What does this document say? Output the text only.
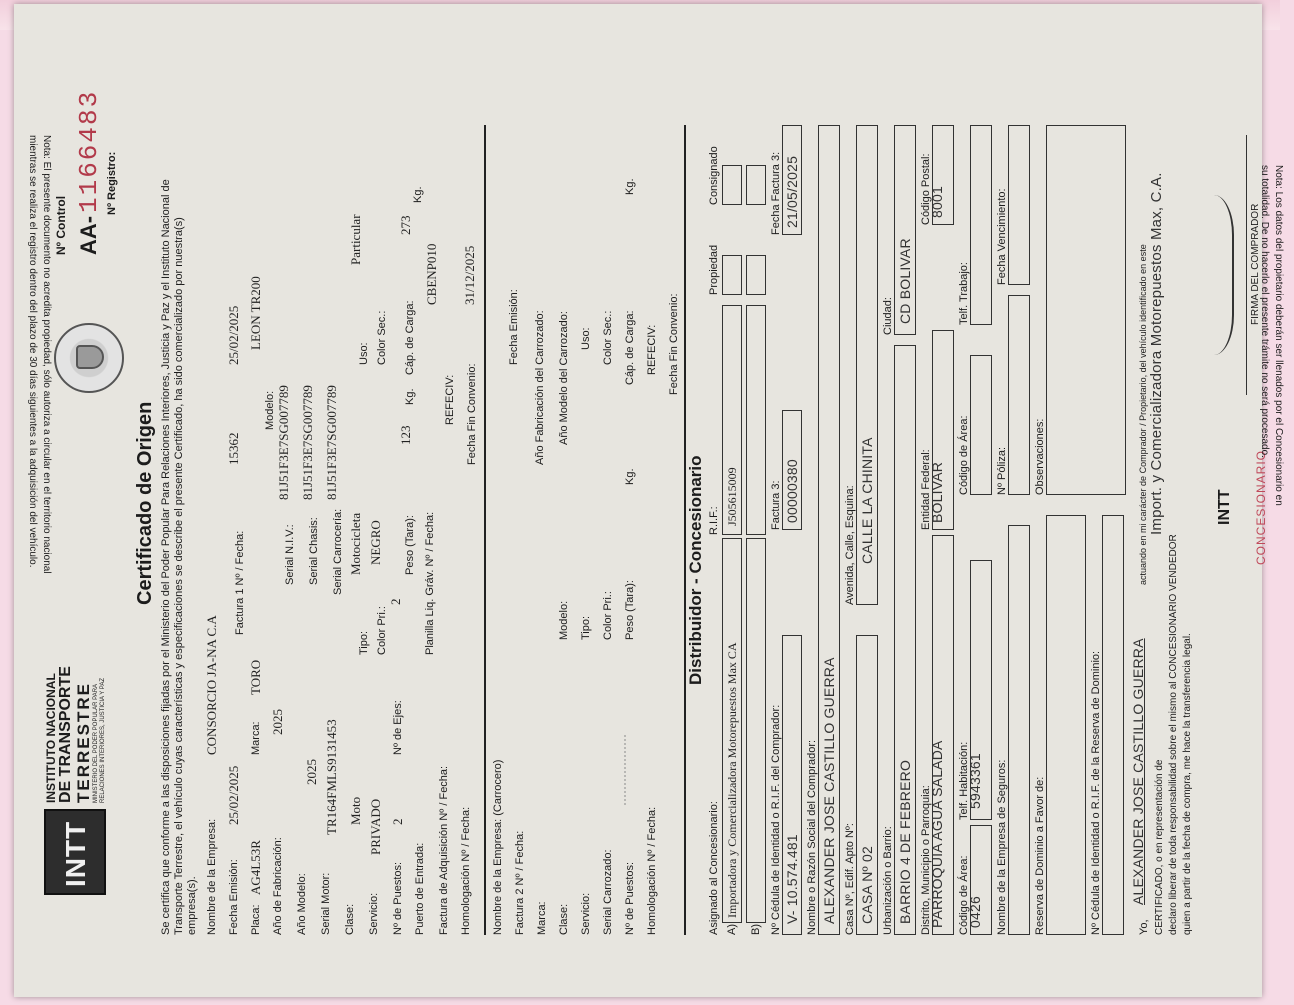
INTT
INSTITUTO NACIONAL DE TRANSPORTE TERRESTRE MINISTERIO DEL PODER POPULAR PARA RELACIONES INTERIORES, JUSTICIA Y PAZ
Certificado de Origen
Nº Control AA-
1166483 Nº Registro:	Se certifica que conforme a las disposiciones fijadas por el Ministerio del Poder Popular Para Relaciones Interiores, Justicia y Paz y el Instituto Nacional de Transporte Terrestre, el vehículo cuyas características y especificaciones se describe el presente Certificado, ha sido comercializado por nuestra(s) empresa(s). Nombre de la Empresa:
CONSORCIO JA-NA C.A
Fecha Emisión:
25/02/2025
Factura 1 Nº / Fecha:
15362
25/02/2025
Placa:
AG4L53R
Marca:
TORO
Modelo:
LEON TR200
Año de Fabricación:
2025
Serial N.I.V.:
81J51F3E7SG007789
Año Modelo:
2025
Serial Chasis:
81J51F3E7SG007789
Serial Motor:
TR164FMLS9131453
Serial Carrocería:
81J51F3E7SG007789
Clase:
Moto
Tipo:
Motocicleta
Uso:
Particular
Servicio:
PRIVADO
Color Pri.:
NEGRO
Color Sec.:
Nº de Puestos:
2
Nº de Ejes:
2
Peso (Tara):
123
Kg.
Cáp. de Carga:
273
Kg.
Puerto de Entrada:
Planilla Liq. Gráv. Nº / Fecha:
CBENP010
Factura de Adquisición Nº / Fecha:
REFECIV:
Homologación Nº / Fecha:
Fecha Fin Convenio:
31/12/2025
Nombre de la Empresa: (Carrocero)
Fecha Emisión:
Factura 2 Nº / Fecha:
Año Fabricación del Carrozado:
Marca:
Modelo:
Año Modelo del Carrozado:
Clase:
Tipo:
Uso:
Servicio:
Color Pri.:
Color Sec.:
Serial Carrozado: Nº de Puestos:
Peso (Tara):
Kg.
Cáp. de Carga:
Kg.
REFECIV:
Homologación Nº / Fecha:
Fecha Fin Convenio:
Distribuidor - Concesionario
Asignado al Concesionario:
R.I.F.:
Propiedad
Consignado
A)
Importadora y Comercializadora Motorepuestos Max CA
J505615009
B) Nº Cédula de Identidad o R.I.F. del Comprador: V- 10.574.481
Factura 3: 00000380
Fecha Factura 3: 21/05/2025
Nombre o Razón Social del Comprador: ALEXANDER JOSE CASTILLO GUERRA Casa Nº, Edif. Apto Nº: CASA Nº 02
Avenida, Calle, Esquina: CALLE LA CHINITA
Urbanización o Barrio: BARRIO 4 DE FEBRERO
Ciudad: CD BOLIVAR
Distrito, Municipio o Parroquia:
PARROQUIA AGUA SALADA
Entidad Federal:
BOLIVAR
Código Postal:
8001
Código de Área:
0426
Telf. Habitación:
5943361
Código de Área:
Telf. Trabajo:
Nombre de la Empresa de Seguros:
Nº Póliza:
Fecha Vencimiento:
Reserva de Dominio a Favor de:
Observaciones:
Nº Cédula de Identidad o R.I.F. de la Reserva de Dominio:	Yo,
ALEXANDER JOSE CASTILLO GUERRA
actuando en mi carácter de Comprador / Propietario, del vehículo identificado en este
CERTIFICADO, o en representación de
Import. y Comercializadora Motorepuestos Max, C.A.
declaro liberar de toda responsabilidad sobre el mismo al CONCESIONARIO VENDEDOR quien a partir de la fecha de compra, me hace la transferencia legal.
FIRMA DEL COMPRADOR
INTT CONCESIONARIO
Nota: El presente documento no acredita propiedad, sólo autoriza a circular en el territorio nacional
mientras se realiza el registro dentro del plazo de 30 días siguientes a la adquisición del vehículo.	Nota: Los datos del propietario deberán ser llenados por el Concesionario en
su totalidad. De no hacerlo el presente trámite no será procesado.
